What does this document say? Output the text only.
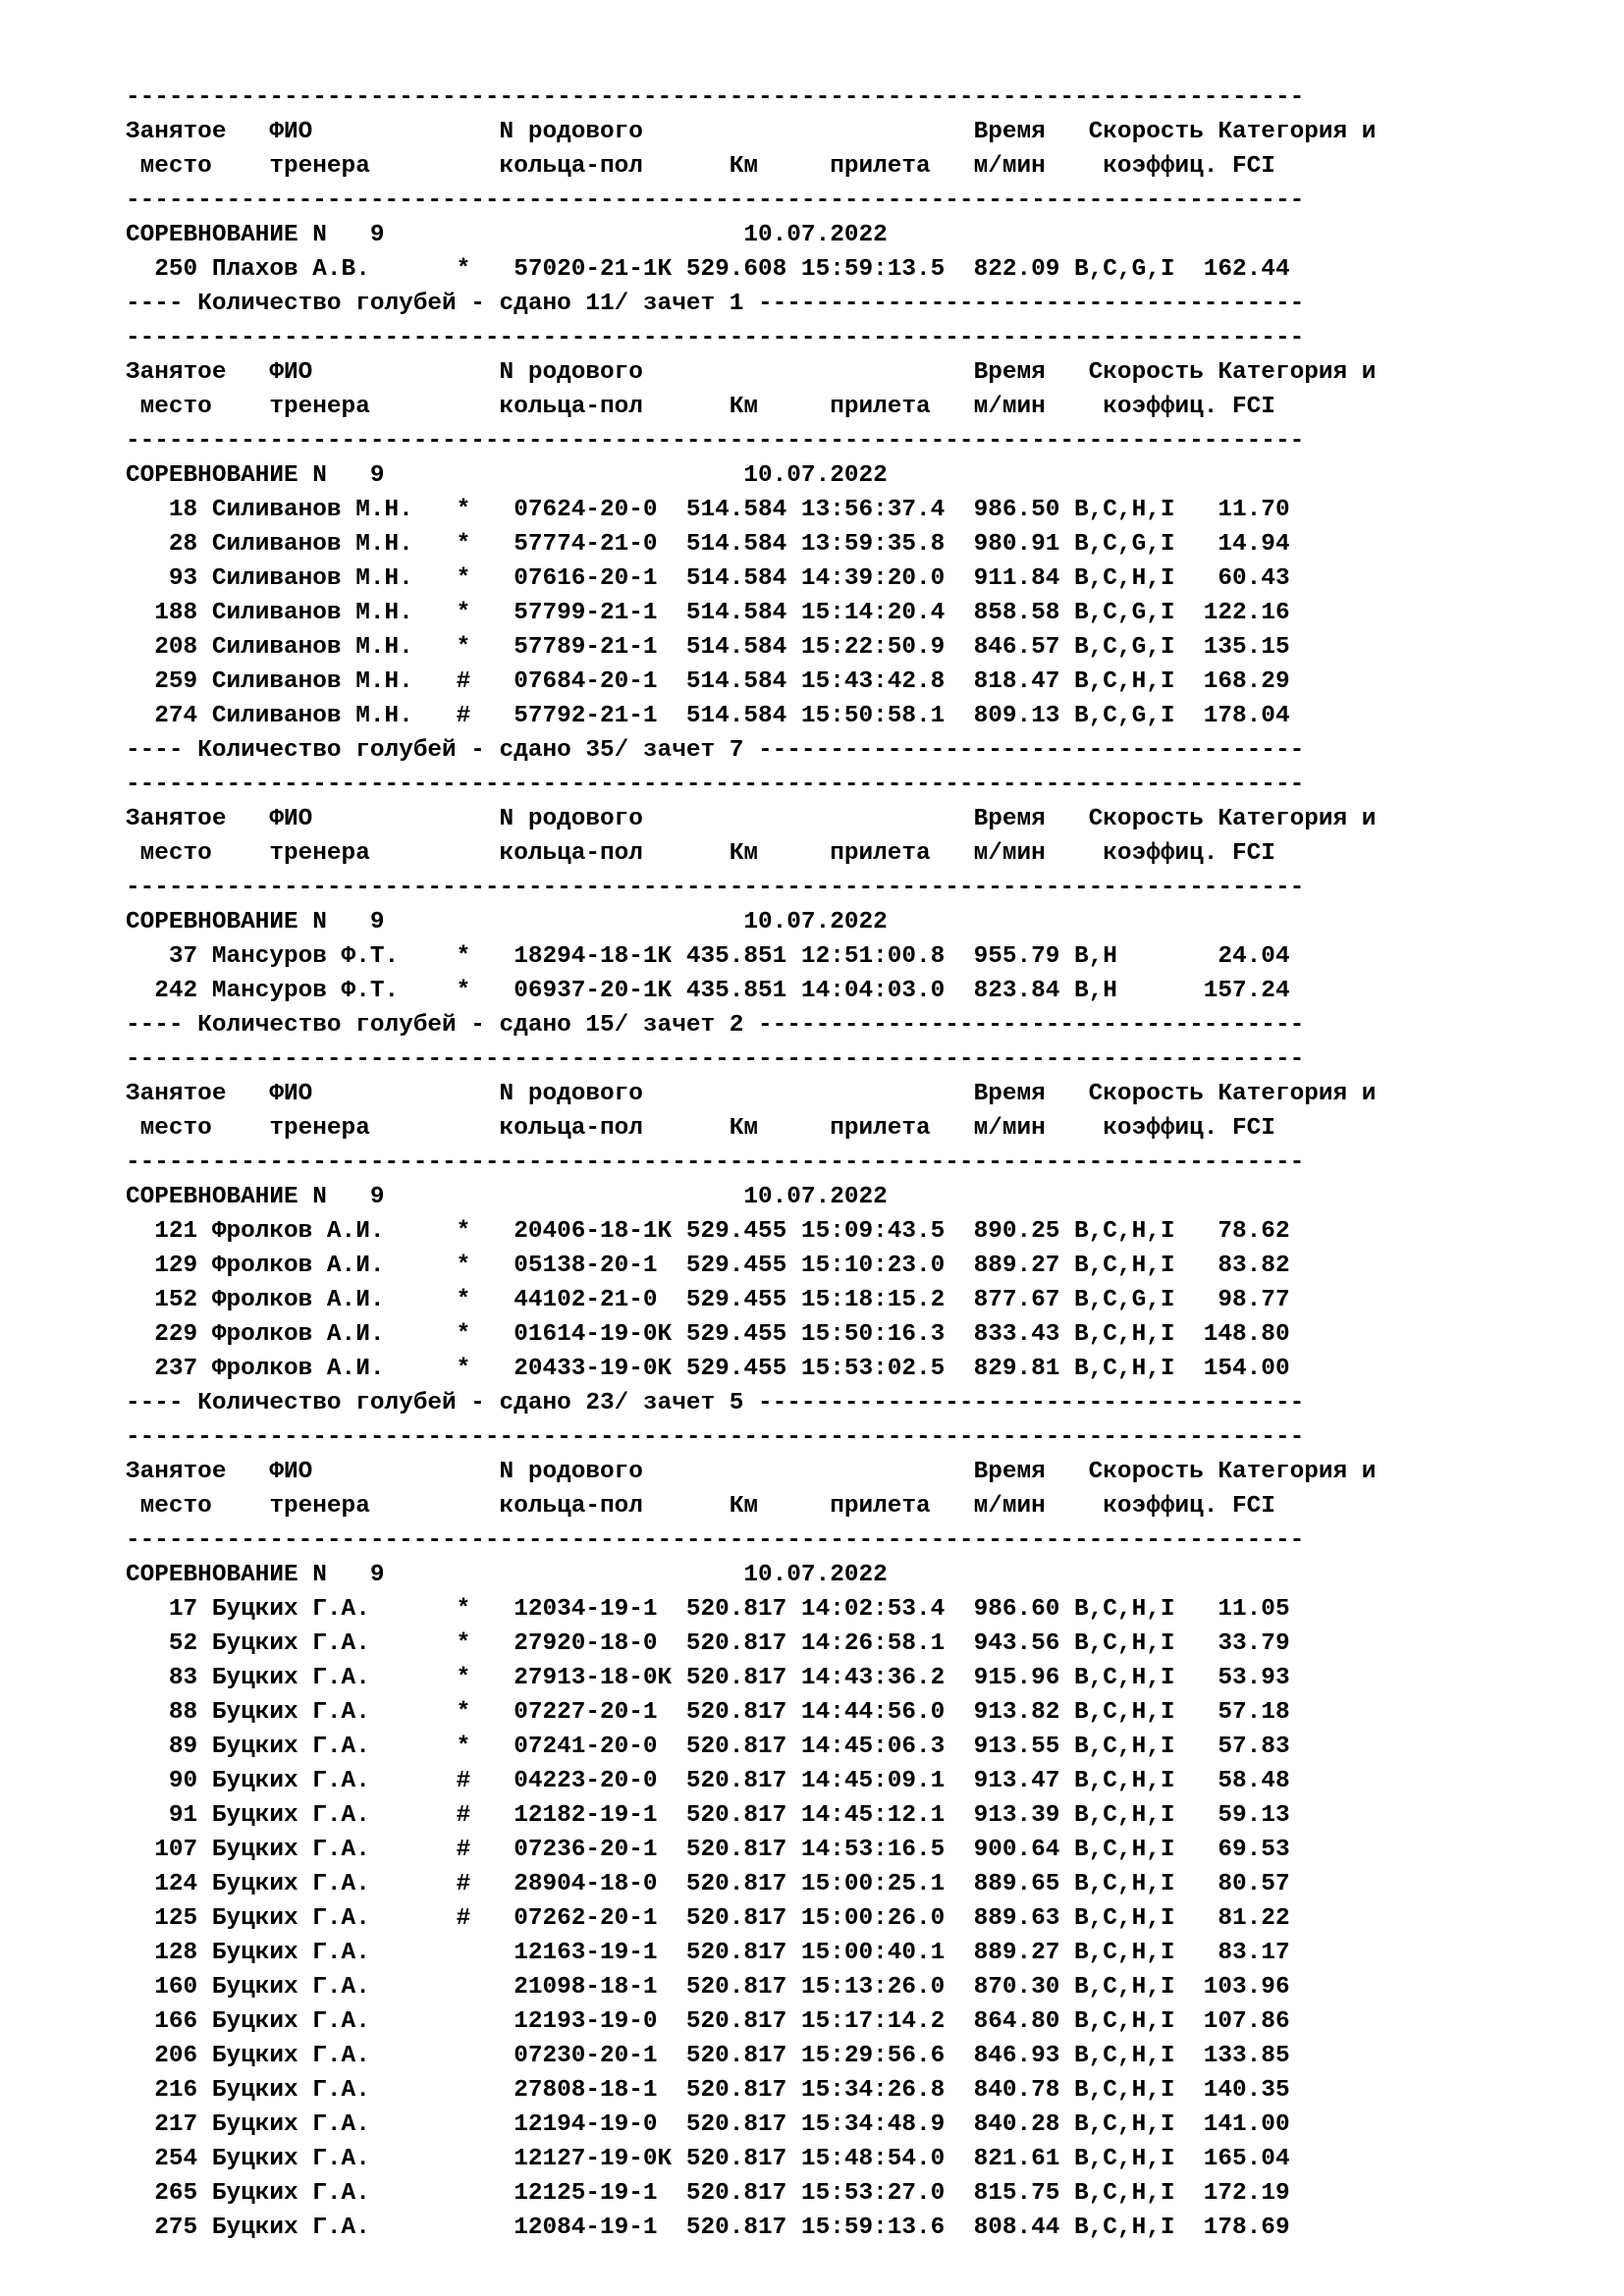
----------------------------------------------------------------------------------
Занятое   ФИО             N родового                       Время   Скорость Категория и
место    тренера         кольца-пол      Км     прилета   м/мин    коэффиц. FCI
----------------------------------------------------------------------------------
СОРЕВНОВАНИЕ N   9                         10.07.2022
250 Плахов А.В.      *   57020-21-1К 529.608 15:59:13.5  822.09 B,C,G,I  162.44
---- Количество голубей - сдано 11/ зачет 1 --------------------------------------
----------------------------------------------------------------------------------
Занятое   ФИО             N родового                       Время   Скорость Категория и
место    тренера         кольца-пол      Км     прилета   м/мин    коэффиц. FCI
----------------------------------------------------------------------------------
СОРЕВНОВАНИЕ N   9                         10.07.2022
18 Силиванов М.Н.   *   07624-20-0  514.584 13:56:37.4  986.50 B,C,H,I   11.70
28 Силиванов М.Н.   *   57774-21-0  514.584 13:59:35.8  980.91 B,C,G,I   14.94
93 Силиванов М.Н.   *   07616-20-1  514.584 14:39:20.0  911.84 B,C,H,I   60.43
188 Силиванов М.Н.   *   57799-21-1  514.584 15:14:20.4  858.58 B,C,G,I  122.16
208 Силиванов М.Н.   *   57789-21-1  514.584 15:22:50.9  846.57 B,C,G,I  135.15
259 Силиванов М.Н.   #   07684-20-1  514.584 15:43:42.8  818.47 B,C,H,I  168.29
274 Силиванов М.Н.   #   57792-21-1  514.584 15:50:58.1  809.13 B,C,G,I  178.04
---- Количество голубей - сдано 35/ зачет 7 --------------------------------------
----------------------------------------------------------------------------------
Занятое   ФИО             N родового                       Время   Скорость Категория и
место    тренера         кольца-пол      Км     прилета   м/мин    коэффиц. FCI
----------------------------------------------------------------------------------
СОРЕВНОВАНИЕ N   9                         10.07.2022
37 Мансуров Ф.Т.    *   18294-18-1К 435.851 12:51:00.8  955.79 B,H       24.04
242 Мансуров Ф.Т.    *   06937-20-1К 435.851 14:04:03.0  823.84 B,H      157.24
---- Количество голубей - сдано 15/ зачет 2 --------------------------------------
----------------------------------------------------------------------------------
Занятое   ФИО             N родового                       Время   Скорость Категория и
место    тренера         кольца-пол      Км     прилета   м/мин    коэффиц. FCI
----------------------------------------------------------------------------------
СОРЕВНОВАНИЕ N   9                         10.07.2022
121 Фролков А.И.     *   20406-18-1К 529.455 15:09:43.5  890.25 B,C,H,I   78.62
129 Фролков А.И.     *   05138-20-1  529.455 15:10:23.0  889.27 B,C,H,I   83.82
152 Фролков А.И.     *   44102-21-0  529.455 15:18:15.2  877.67 B,C,G,I   98.77
229 Фролков А.И.     *   01614-19-0К 529.455 15:50:16.3  833.43 B,C,H,I  148.80
237 Фролков А.И.     *   20433-19-0К 529.455 15:53:02.5  829.81 B,C,H,I  154.00
---- Количество голубей - сдано 23/ зачет 5 --------------------------------------
----------------------------------------------------------------------------------
Занятое   ФИО             N родового                       Время   Скорость Категория и
место    тренера         кольца-пол      Км     прилета   м/мин    коэффиц. FCI
----------------------------------------------------------------------------------
СОРЕВНОВАНИЕ N   9                         10.07.2022
17 Буцких Г.А.      *   12034-19-1  520.817 14:02:53.4  986.60 B,C,H,I   11.05
52 Буцких Г.А.      *   27920-18-0  520.817 14:26:58.1  943.56 B,C,H,I   33.79
83 Буцких Г.А.      *   27913-18-0К 520.817 14:43:36.2  915.96 B,C,H,I   53.93
88 Буцких Г.А.      *   07227-20-1  520.817 14:44:56.0  913.82 B,C,H,I   57.18
89 Буцких Г.А.      *   07241-20-0  520.817 14:45:06.3  913.55 B,C,H,I   57.83
90 Буцких Г.А.      #   04223-20-0  520.817 14:45:09.1  913.47 B,C,H,I   58.48
91 Буцких Г.А.      #   12182-19-1  520.817 14:45:12.1  913.39 B,C,H,I   59.13
107 Буцких Г.А.      #   07236-20-1  520.817 14:53:16.5  900.64 B,C,H,I   69.53
124 Буцких Г.А.      #   28904-18-0  520.817 15:00:25.1  889.65 B,C,H,I   80.57
125 Буцких Г.А.      #   07262-20-1  520.817 15:00:26.0  889.63 B,C,H,I   81.22
128 Буцких Г.А.          12163-19-1  520.817 15:00:40.1  889.27 B,C,H,I   83.17
160 Буцких Г.А.          21098-18-1  520.817 15:13:26.0  870.30 B,C,H,I  103.96
166 Буцких Г.А.          12193-19-0  520.817 15:17:14.2  864.80 B,C,H,I  107.86
206 Буцких Г.А.          07230-20-1  520.817 15:29:56.6  846.93 B,C,H,I  133.85
216 Буцких Г.А.          27808-18-1  520.817 15:34:26.8  840.78 B,C,H,I  140.35
217 Буцких Г.А.          12194-19-0  520.817 15:34:48.9  840.28 B,C,H,I  141.00
254 Буцких Г.А.          12127-19-0К 520.817 15:48:54.0  821.61 B,C,H,I  165.04
265 Буцких Г.А.          12125-19-1  520.817 15:53:27.0  815.75 B,C,H,I  172.19
275 Буцких Г.А.          12084-19-1  520.817 15:59:13.6  808.44 B,C,H,I  178.69
